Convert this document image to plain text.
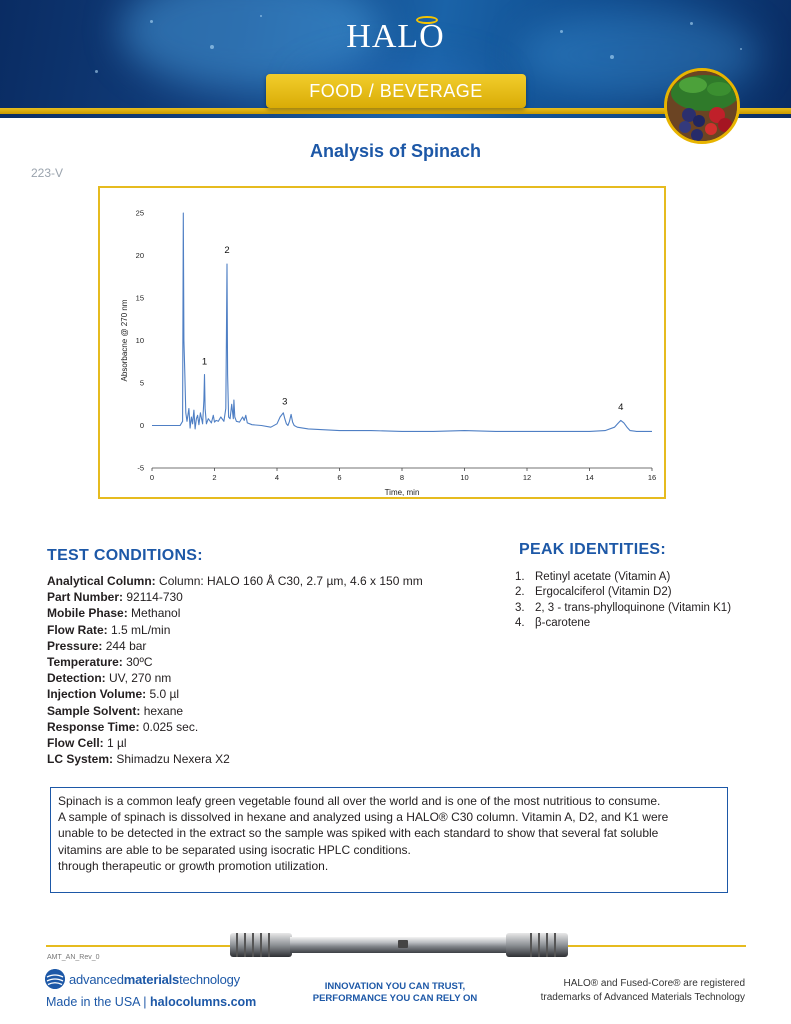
HALO
FOOD / BEVERAGE
Analysis of Spinach
223-V
0	2	4	6	8	10	12	14	16
-5
0
5
10
15
20
25
Time, min
Absorbacne @ 270 nm	1
2
3
4
TEST CONDITIONS:
Analytical Column: Column: HALO 160 Å C30, 2.7 µm, 4.6 x 150 mm
Part Number: 92114-730
Mobile Phase: Methanol
Flow Rate: 1.5 mL/min
Pressure: 244 bar
Temperature: 30ºC
Detection: UV, 270 nm
Injection Volume: 5.0 µl
Sample Solvent: hexane
Response Time: 0.025 sec.
Flow Cell: 1 µl
LC System: Shimadzu Nexera X2
PEAK IDENTITIES:
1. Retinyl acetate (Vitamin A)
2. Ergocalciferol (Vitamin D2)
3. 2, 3 - trans-phylloquinone (Vitamin K1)
4. β-carotene

Spinach is a common leafy green vegetable found all over the world and is one of the most nutritious to consume.

A sample of spinach is dissolved in hexane and analyzed using a HALO® C30 column. Vitamin A, D2, and K1 were

unable to be detected in the extract so the sample was spiked with each standard to show that several fat soluble

vitamins are able to be separated using isocratic HPLC conditions.

through therapeutic or growth promotion utilization.

AMT_AN_Rev_0
advancedmaterialstechnology
Made in the USA | halocolumns.com
INNOVATION YOU CAN TRUST,
PERFORMANCE YOU CAN RELY ON
HALO® and Fused-Core® are registered
trademarks of Advanced Materials Technology
